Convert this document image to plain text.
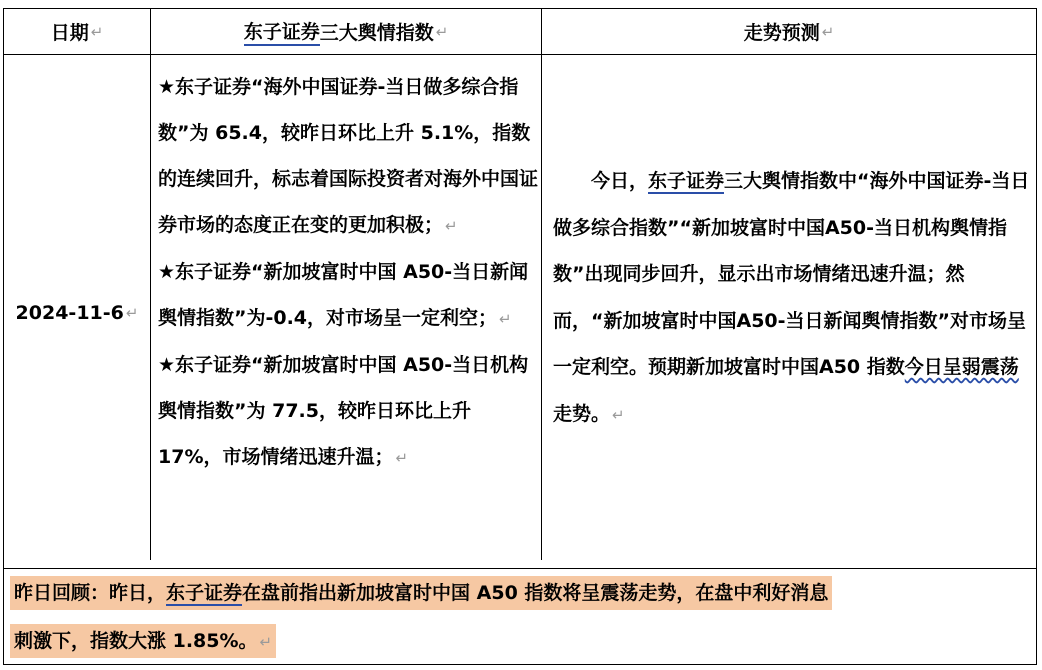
日期 ↵	东子证券 三大舆情指数 ↵	走势预测 ↵
2024-11-6 ↵

★东子证券“海外中国证券-当日做多综合指数”为 65.4，较昨日环比上升 5.1%，指数的连续回升，标志着国际投资者对海外中国证券市场的态度正在变的更加积极； ↵

★东子证券“新加坡富时中国 A50-当日新闻舆情指数”为-0.4，对市场呈一定利空； ↵

★东子证券“新加坡富时中国 A50-当日机构舆情指数”为 77.5，较昨日环比上升 17%，市场情绪迅速升温； ↵

今日，东子证券三大舆情指数中“海外中国证券-当日做多综合指数”“新加坡富时中国A50-当日机构舆情指数”出现同步回升，显示出市场情绪迅速升温；然而，“新加坡富时中国A50-当日新闻舆情指数”对市场呈一定利空。预期新加坡富时中国A50 指数今日呈弱震荡走势。 ↵

昨日回顾：昨日，东子证券在盘前指出新加坡富时中国 A50 指数将呈震荡走势，在盘中利好消息
刺激下，指数大涨 1.85%。 ↵
